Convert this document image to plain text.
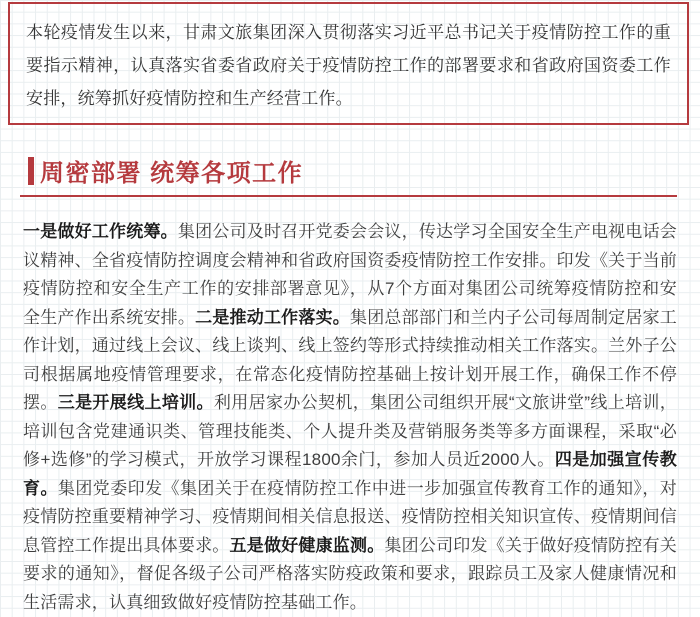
本轮疫情发生以来，甘肃文旅集团深入贯彻落实习近平总书记关于疫情防控工作的重要指示精神，认真落实省委省政府关于疫情防控工作的部署要求和省政府国资委工作安排，统筹抓好疫情防控和生产经营工作。

周密部署 统筹各项工作

一是做好工作统筹。集团公司及时召开党委会会议，传达学习全国安全生产电视电话会议精神、全省疫情防控调度会精神和省政府国资委疫情防控工作安排。印发《关于当前疫情防控和安全生产工作的安排部署意见》，从7个方面对集团公司统筹疫情防控和安全生产作出系统安排。二是推动工作落实。集团总部部门和兰内子公司每周制定居家工作计划，通过线上会议、线上谈判、线上签约等形式持续推动相关工作落实。兰外子公司根据属地疫情管理要求，在常态化疫情防控基础上按计划开展工作，确保工作不停摆。三是开展线上培训。利用居家办公契机，集团公司组织开展“文旅讲堂”线上培训，培训包含党建通识类、管理技能类、个人提升类及营销服务类等多方面课程，采取“必修+选修”的学习模式，开放学习课程1800余门，参加人员近2000人。四是加强宣传教育。集团党委印发《集团关于在疫情防控工作中进一步加强宣传教育工作的通知》，对疫情防控重要精神学习、疫情期间相关信息报送、疫情防控相关知识宣传、疫情期间信息管控工作提出具体要求。五是做好健康监测。集团公司印发《关于做好疫情防控有关要求的通知》，督促各级子公司严格落实防疫政策和要求，跟踪员工及家人健康情况和生活需求，认真细致做好疫情防控基础工作。
